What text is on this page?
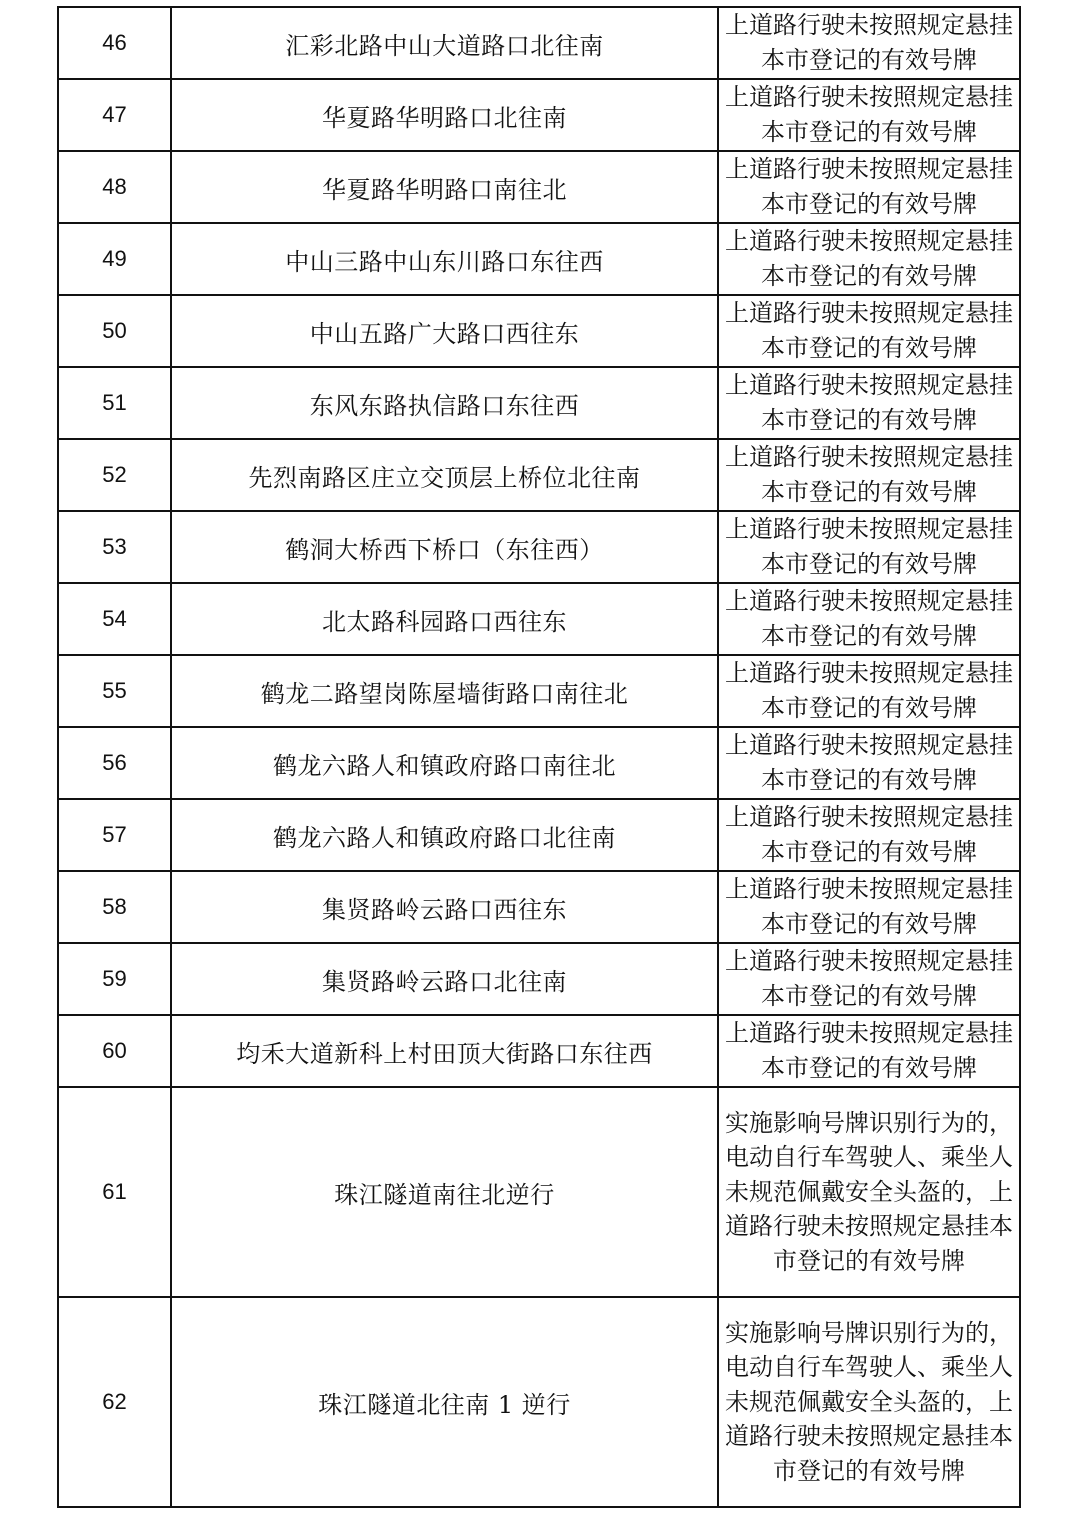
46	汇彩北路中山大道路口北往南	上道路行驶未按照规定悬挂本市登记的有效号牌
47	华夏路华明路口北往南	上道路行驶未按照规定悬挂本市登记的有效号牌
48	华夏路华明路口南往北	上道路行驶未按照规定悬挂本市登记的有效号牌
49	中山三路中山东川路口东往西	上道路行驶未按照规定悬挂本市登记的有效号牌
50	中山五路广大路口西往东	上道路行驶未按照规定悬挂本市登记的有效号牌
51	东风东路执信路口东往西	上道路行驶未按照规定悬挂本市登记的有效号牌
52	先烈南路区庄立交顶层上桥位北往南	上道路行驶未按照规定悬挂本市登记的有效号牌
53	鹤洞大桥西下桥口（东往西）	上道路行驶未按照规定悬挂本市登记的有效号牌
54	北太路科园路口西往东	上道路行驶未按照规定悬挂本市登记的有效号牌
55	鹤龙二路望岗陈屋墙街路口南往北	上道路行驶未按照规定悬挂本市登记的有效号牌
56	鹤龙六路人和镇政府路口南往北	上道路行驶未按照规定悬挂本市登记的有效号牌
57	鹤龙六路人和镇政府路口北往南	上道路行驶未按照规定悬挂本市登记的有效号牌
58	集贤路岭云路口西往东	上道路行驶未按照规定悬挂本市登记的有效号牌
59	集贤路岭云路口北往南	上道路行驶未按照规定悬挂本市登记的有效号牌
60	均禾大道新科上村田顶大街路口东往西	上道路行驶未按照规定悬挂本市登记的有效号牌
61	珠江隧道南往北逆行	实施影响号牌识别行为的，电动自行车驾驶人、乘坐人未规范佩戴安全头盔的，上道路行驶未按照规定悬挂本市登记的有效号牌
62	珠江隧道北往南 1 逆行	实施影响号牌识别行为的，电动自行车驾驶人、乘坐人未规范佩戴安全头盔的，上道路行驶未按照规定悬挂本市登记的有效号牌
